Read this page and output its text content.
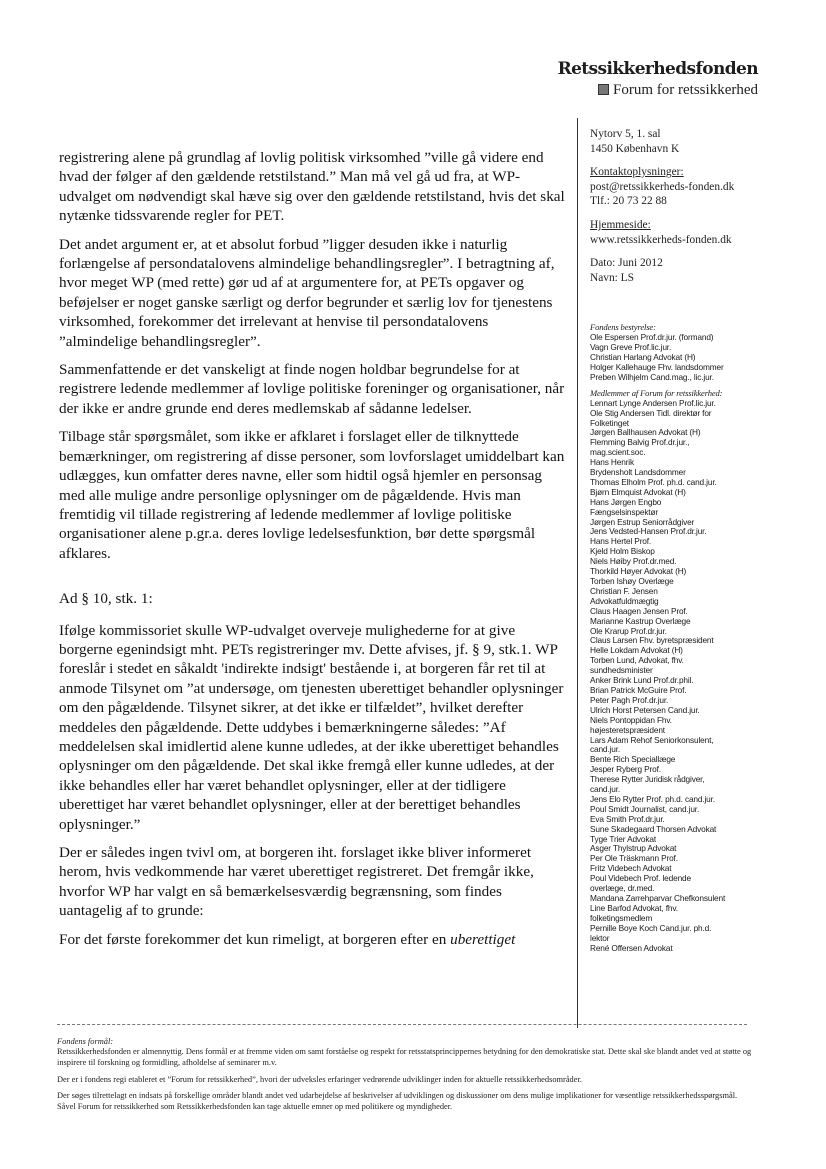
Retssikkerhedsfonden
Forum for retssikkerhed

registrering alene på grundlag af lovlig politisk virksomhed ”ville gå videre end hvad der følger af den gældende retstilstand.” Man må vel gå ud fra, at WP-udvalget om nødvendigt skal hæve sig over den gældende retstilstand, hvis det skal nytænke tidssvarende regler for PET.

Det andet argument er, at et absolut forbud ”ligger desuden ikke i naturlig forlængelse af persondatalovens almindelige behandlingsregler”. I betragtning af, hvor meget WP (med rette) gør ud af at argumentere for, at PETs opgaver og beføjelser er noget ganske særligt og derfor begrunder et særlig lov for tjenestens virksomhed, forekommer det irrelevant at henvise til persondatalovens ”almindelige behandlingsregler”.

Sammenfattende er det vanskeligt at finde nogen holdbar begrundelse for at registrere ledende medlemmer af lovlige politiske foreninger og organisationer, når der ikke er andre grunde end deres medlemskab af sådanne ledelser.

Tilbage står spørgsmålet, som ikke er afklaret i forslaget eller de tilknyttede bemærkninger, om registrering af disse personer, som lovforslaget umiddelbart kan udlægges, kun omfatter deres navne, eller som hidtil også hjemler en personsag med alle mulige andre personlige oplysninger om de pågældende. Hvis man fremtidig vil tillade registrering af ledende medlemmer af lovlige politiske organisationer alene p.gr.a. deres lovlige ledelsesfunktion, bør dette spørgsmål afklares.

Ad § 10, stk. 1:

Ifølge kommissoriet skulle WP-udvalget overveje mulighederne for at give borgerne egenindsigt mht. PETs registreringer mv. Dette afvises, jf. § 9, stk.1. WP foreslår i stedet en såkaldt 'indirekte indsigt' bestående i, at borgeren får ret til at anmode Tilsynet om ”at undersøge, om tjenesten uberettiget behandler oplysninger om den pågældende. Tilsynet sikrer, at det ikke er tilfældet”, hvilket derefter meddeles den pågældende. Dette uddybes i bemærkningerne således: ”Af meddelelsen skal imidlertid alene kunne udledes, at der ikke uberettiget behandles oplysninger om den pågældende. Det skal ikke fremgå eller kunne udledes, at der ikke behandles eller har været behandlet oplysninger, eller at der tidligere uberettiget har været behandlet oplysninger, eller at der berettiget behandles oplysninger.”

Der er således ingen tvivl om, at borgeren iht. forslaget ikke bliver informeret herom, hvis vedkommende har været uberettiget registreret. Det fremgår ikke, hvorfor WP har valgt en så bemærkelsesværdig begrænsning, som findes uantagelig af to grunde:

For det første forekommer det kun rimeligt, at borgeren efter en uberettiget

Nytorv 5, 1. sal
1450 København K
Kontaktoplysninger:
post@retssikkerheds-fonden.dk
Tlf.: 20 73 22 88
Hjemmeside:
www.retssikkerheds-fonden.dk
Dato: Juni 2012
Navn: LS
Fondens bestyrelse:
Ole Espersen Prof.dr.jur. (formand)
Vagn Greve Prof.lic.jur.
Christian Harlang Advokat (H)
Holger Kallehauge Fhv. landsdommer
Preben Wilhjelm Cand.mag., lic.jur.
Medlemmer af Forum for retssikkerhed:
Lennart Lynge Andersen Prof.lic.jur.
Ole Stig Andersen Tidl. direktør for
Folketinget
Jørgen Ballhausen Advokat (H)
Flemming Balvig Prof.dr.jur.,
mag.scient.soc.
Hans Henrik
Brydensholt Landsdommer
Thomas Elholm Prof. ph.d. cand.jur.
Bjørn Elmquist Advokat (H)
Hans Jørgen Engbo
Fængselsinspektør
Jørgen Estrup Seniorrådgiver
Jens Vedsted-Hansen Prof.dr.jur.
Hans Hertel Prof.
Kjeld Holm Biskop
Niels Høiby Prof.dr.med.
Thorkild Høyer Advokat (H)
Torben Ishøy Overlæge
Christian F. Jensen
Advokatfuldmægtig
Claus Haagen Jensen Prof.
Marianne Kastrup Overlæge
Ole Krarup Prof.dr.jur.
Claus Larsen Fhv. byretspræsident
Helle Lokdam Advokat (H)
Torben Lund, Advokat, fhv.
sundhedsminister
Anker Brink Lund Prof.dr.phil.
Brian Patrick McGuire Prof.
Peter Pagh Prof.dr.jur.
Ulrich Horst Petersen Cand.jur.
Niels Pontoppidan Fhv.
højesteretspræsident
Lars Adam Rehof Seniorkonsulent,
cand.jur.
Bente Rich Speciallæge
Jesper Ryberg Prof.
Therese Rytter Juridisk rådgiver,
cand.jur.
Jens Elo Rytter Prof. ph.d. cand.jur.
Poul Smidt Journalist, cand.jur.
Eva Smith Prof.dr.jur.
Sune Skadegaard Thorsen Advokat
Tyge Trier Advokat
Asger Thylstrup Advokat
Per Ole Träskmann Prof.
Fritz Videbech Advokat
Poul Videbech Prof. ledende
overlæge, dr.med.
Mandana Zarrehparvar Chefkonsulent
Line Barfod Advokat, fhv.
folketingsmedlem
Pernille Boye Koch Cand.jur. ph.d.
lektor
René Offersen Advokat
Fondens formål:

Retssikkerhedsfonden er almennyttig. Dens formål er at fremme viden om samt forståelse og respekt for retsstatsprincippernes betydning for den demokratiske stat. Dette skal ske blandt andet ved at støtte og inspirere til forskning og formidling, afholdelse af seminarer m.v.

Der er i fondens regi etableret et ”Forum for retssikkerhed”, hvori der udveksles erfaringer vedrørende udviklinger inden for aktuelle retssikkerhedsområder.

Der søges tilrettelagt en indsats på forskellige områder blandt andet ved udarbejdelse af beskrivelser af udviklingen og diskussioner om dens mulige implikationer for væsentlige retssikkerhedsspørgsmål. Såvel Forum for retssikkerhed som Retssikkerhedsfonden kan tage aktuelle emner op med politikere og myndigheder.
